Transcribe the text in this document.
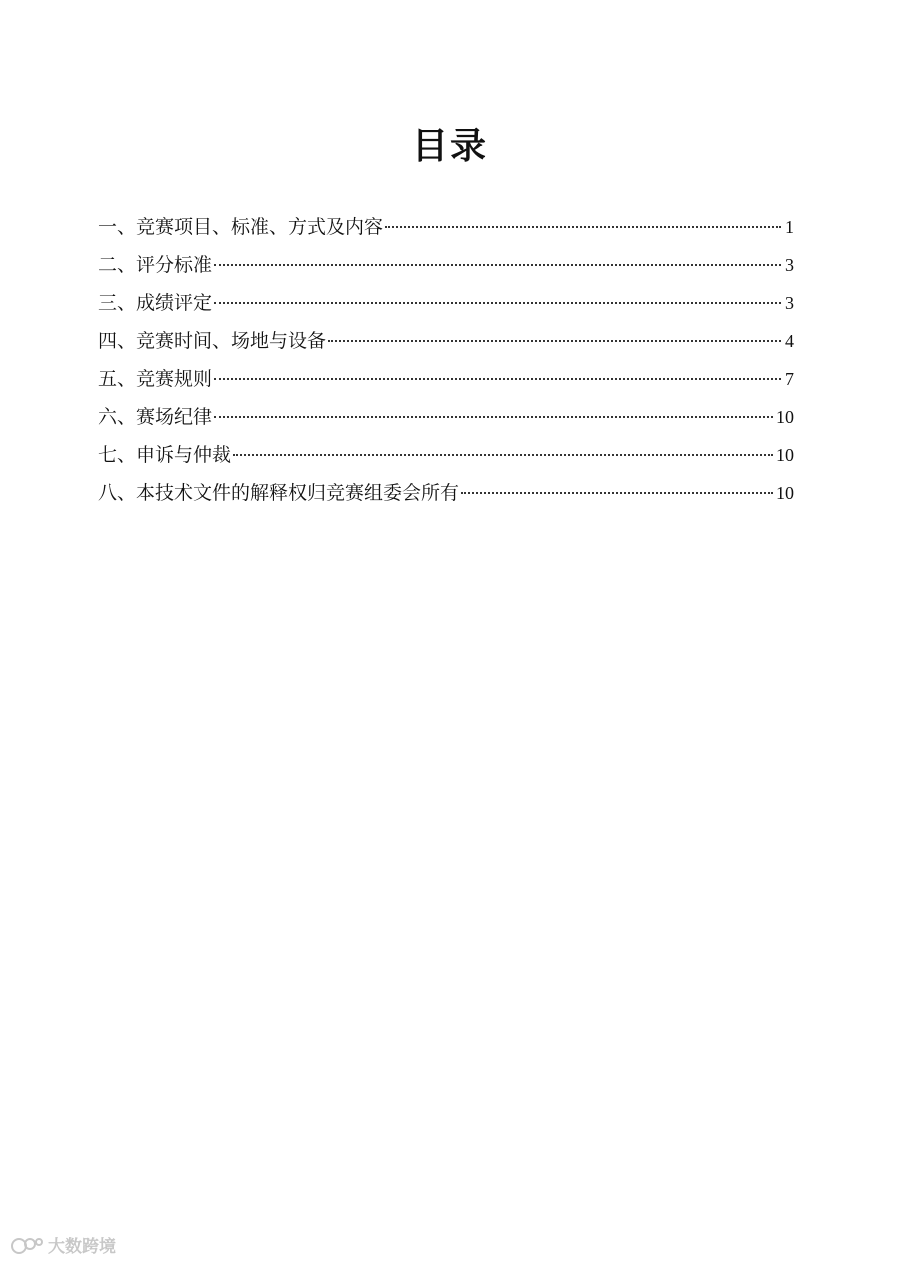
目录
一、竞赛项目、标准、方式及内容	1
二、评分标准	3
三、成绩评定	3
四、竞赛时间、场地与设备	4
五、竞赛规则	7
六、赛场纪律	10
七、申诉与仲裁	10
八、本技术文件的解释权归竞赛组委会所有	10
大数跨境
